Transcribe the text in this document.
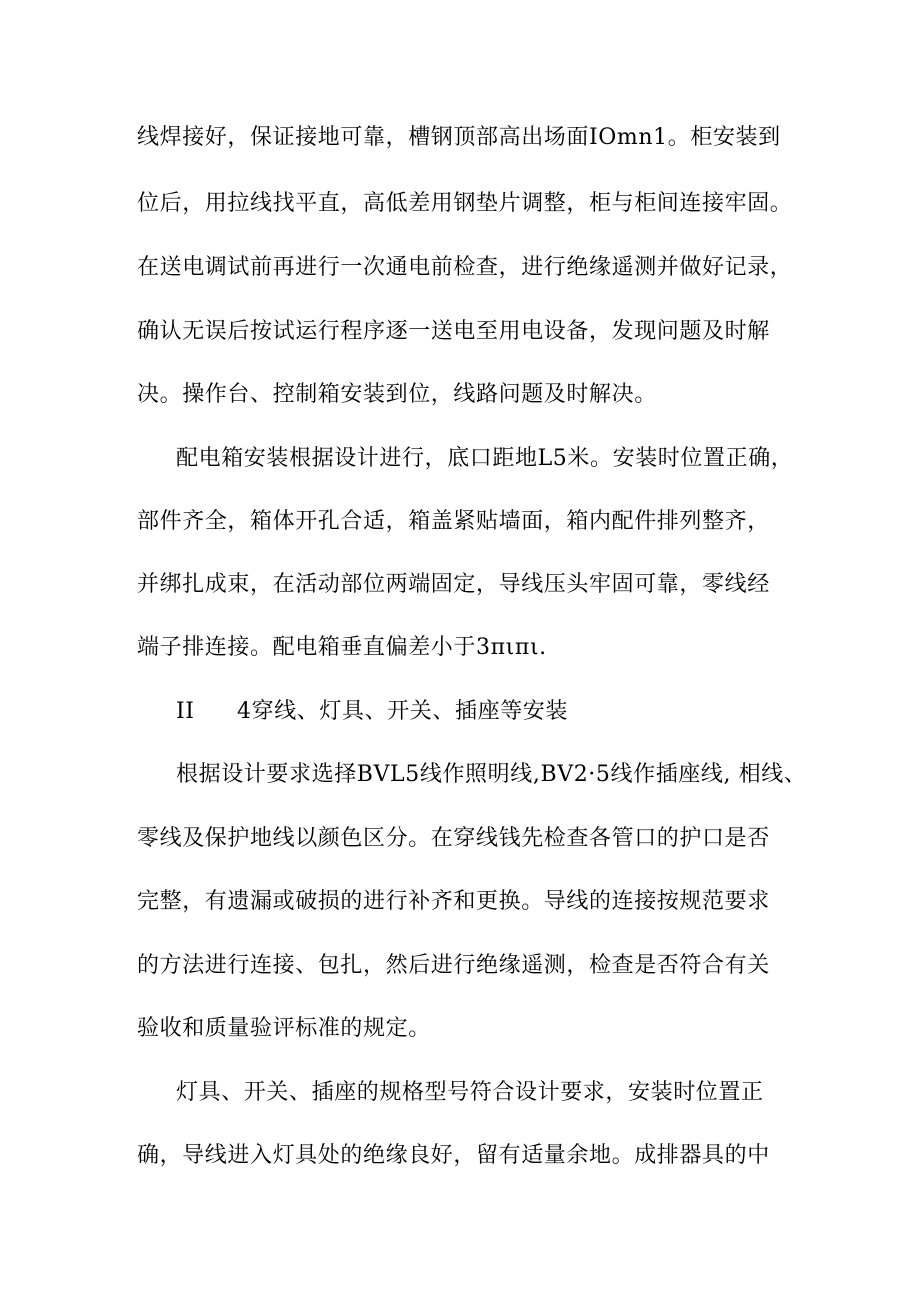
线焊接好，保证接地可靠，槽钢顶部高出场面IOmn1。柜安装到
位后，用拉线找平直，高低差用钢垫片调整，柜与柜间连接牢固。
在送电调试前再进行一次通电前检查，进行绝缘遥测并做好记录，
确认无误后按试运行程序逐一送电至用电设备，发现问题及时解
决。操作台、控制箱安装到位，线路问题及时解决。
配电箱安装根据设计进行，底口距地L5米。安装时位置正确，
部件齐全，箱体开孔合适，箱盖紧贴墙面，箱内配件排列整齐，
并绑扎成束，在活动部位两端固定，导线压头牢固可靠，零线经
端子排连接。配电箱垂直偏差小于3πιπι.
II 4穿线、灯具、开关、插座等安装
根据设计要求选择BVL5线作照明线,BV2·5线作插座线, 相线、
零线及保护地线以颜色区分。在穿线钱先检查各管口的护口是否
完整，有遗漏或破损的进行补齐和更换。导线的连接按规范要求
的方法进行连接、包扎，然后进行绝缘遥测，检查是否符合有关
验收和质量验评标准的规定。
灯具、开关、插座的规格型号符合设计要求，安装时位置正
确，导线进入灯具处的绝缘良好，留有适量余地。成排器具的中
